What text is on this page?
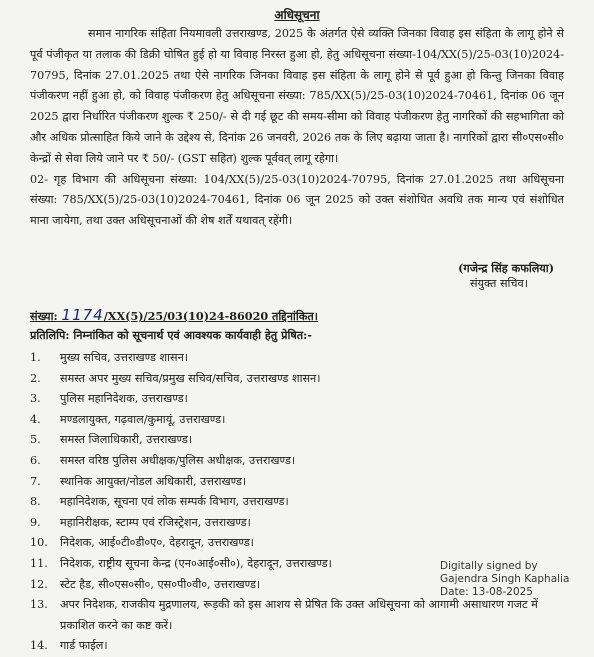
अधिसूचना

समान नागरिक संहिता नियमावली उत्तराखण्ड, 2025 के अंतर्गत ऐसे व्यक्ति जिनका विवाह इस संहिता के लागू होने से पूर्व पंजीकृत या तलाक की डिक्री घोषित हुई हो या विवाह निरस्त हुआ हो, हेतु अधिसूचना संख्या-104/XX(5)/25-03(10)2024-70795, दिनांक 27.01.2025 तथा ऐसे नागरिक जिनका विवाह इस संहिता के लागू होने से पूर्व हुआ हो किन्तु जिनका विवाह पंजीकरण नहीं हुआ हो, को विवाह पंजीकरण हेतु अधिसूचना संख्या: 785/XX(5)/25-03(10)2024-70461, दिनांक 06 जून 2025 द्वारा निर्धारित पंजीकरण शुल्क ₹ 250/- से दी गई छूट की समय-सीमा को विवाह पंजीकरण हेतु नागरिकों की सहभागिता को और अधिक प्रोत्साहित किये जाने के उद्देश्य से, दिनांक 26 जनवरी, 2026 तक के लिए बढ़ाया जाता है। नागरिकों द्वारा सी०एस०सी० केन्द्रों से सेवा लिये जाने पर ₹ 50/- (GST सहित) शुल्क पूर्ववत् लागू रहेगा।

02- गृह विभाग की अधिसूचना संख्या: 104/XX(5)/25-03(10)2024-70795, दिनांक 27.01.2025 तथा अधिसूचना संख्या: 785/XX(5)/25-03(10)2024-70461, दिनांक 06 जून 2025 को उक्त संशोधित अवधि तक मान्य एवं संशोधित माना जायेगा, तथा उक्त अधिसूचनाओं की शेष शर्तें यथावत् रहेंगी।

(गजेन्द्र सिंह कफलिया)
संयुक्त सचिव।
संख्या: 1174/XX(5)/25/03(10)24-86020 तद्दिनांकित।
प्रतिलिपि: निम्नांकित को सूचनार्थ एवं आवश्यक कार्यवाही हेतु प्रेषित:-
1.	मुख्य सचिव, उत्तराखण्ड शासन।
2.	समस्त अपर मुख्य सचिव/प्रमुख सचिव/सचिव, उत्तराखण्ड शासन।
3.	पुलिस महानिदेशक, उत्तराखण्ड।
4.	मण्डलायुक्त, गढ़वाल/कुमायूं, उत्तराखण्ड।
5.	समस्त जिलाधिकारी, उत्तराखण्ड।
6.	समस्त वरिष्ठ पुलिस अधीक्षक/पुलिस अधीक्षक, उत्तराखण्ड।
7.	स्थानिक आयुक्त/नोडल अधिकारी, उत्तराखण्ड।
8.	महानिदेशक, सूचना एवं लोक सम्पर्क विभाग, उत्तराखण्ड।
9.	महानिरीक्षक, स्टाम्प एवं रजिस्ट्रेशन, उत्तराखण्ड।
10.	निदेशक, आई०टी०डी०ए०, देहरादून, उत्तराखण्ड।
11.	निदेशक, राष्ट्रीय सूचना केन्द्र (एन०आई०सी०), देहरादून, उत्तराखण्ड।
12.	स्टेट हैड, सी०एस०सी०, एस०पी०वी०, उत्तराखण्ड।
13.	अपर निदेशक, राजकीय मुद्रणालय, रूड़की को इस आशय से प्रेषित कि उक्त अधिसूचना को आगामी असाधारण गजट में प्रकाशित करने का कष्ट करें।
14.	गार्ड फाईल।
Digitally signed by
Gajendra Singh Kaphalia
Date: 13-08-2025
